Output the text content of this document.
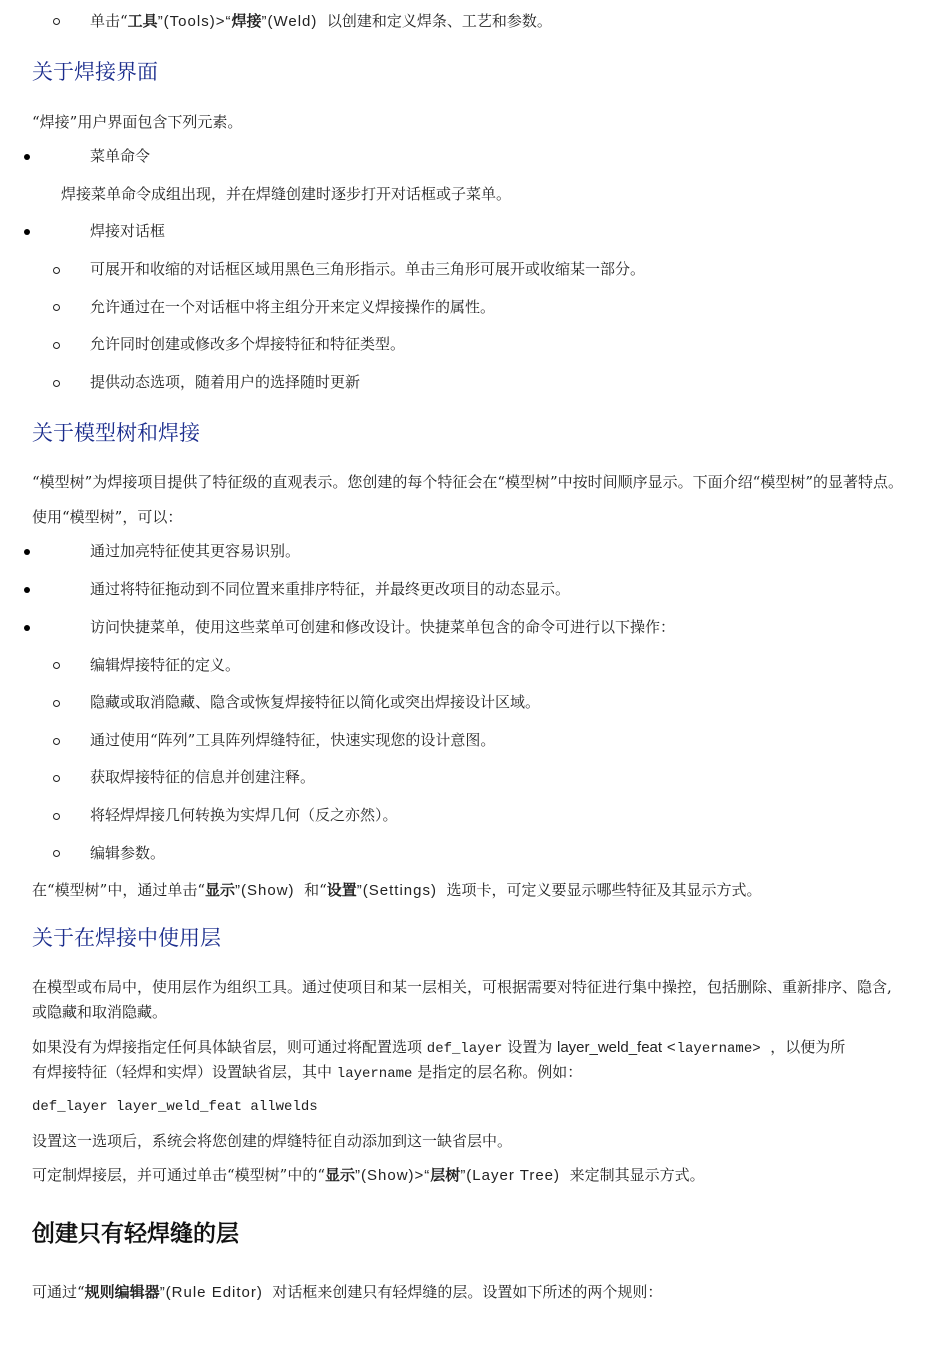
单击“工具”(Tools)>“焊接”(Weld) 以创建和定义焊条、工艺和参数。
关于焊接界面
“焊接”用户界面包含下列元素。
菜单命令
焊接菜单命令成组出现，并在焊缝创建时逐步打开对话框或子菜单。
焊接对话框
可展开和收缩的对话框区域用黑色三角形指示。单击三角形可展开或收缩某一部分。
允许通过在一个对话框中将主组分开来定义焊接操作的属性。
允许同时创建或修改多个焊接特征和特征类型。
提供动态选项，随着用户的选择随时更新
关于模型树和焊接
“模型树”为焊接项目提供了特征级的直观表示。您创建的每个特征会在“模型树”中按时间顺序显示。下面介绍“模型树”的显著特点。
使用“模型树”，可以：
通过加亮特征使其更容易识别。
通过将特征拖动到不同位置来重排序特征，并最终更改项目的动态显示。
访问快捷菜单，使用这些菜单可创建和修改设计。快捷菜单包含的命令可进行以下操作：
编辑焊接特征的定义。
隐藏或取消隐藏、隐含或恢复焊接特征以简化或突出焊接设计区域。
通过使用“阵列”工具阵列焊缝特征，快速实现您的设计意图。
获取焊接特征的信息并创建注释。
将轻焊焊接几何转换为实焊几何（反之亦然）。
编辑参数。
在“模型树”中，通过单击“显示”(Show) 和“设置”(Settings) 选项卡，可定义要显示哪些特征及其显示方式。
关于在焊接中使用层
在模型或布局中，使用层作为组织工具。通过使项目和某一层相关，可根据需要对特征进行集中操控，包括删除、重新排序、隐含,
或隐藏和取消隐藏。
如果没有为焊接指定任何具体缺省层，则可通过将配置选项 def_layer 设置为 layer_weld_feat <layername> ，以便为所
有焊接特征（轻焊和实焊）设置缺省层，其中 layername 是指定的层名称。例如：
def_layer layer_weld_feat allwelds
设置这一选项后，系统会将您创建的焊缝特征自动添加到这一缺省层中。
可定制焊接层，并可通过单击“模型树”中的“显示”(Show)>“层树”(Layer Tree) 来定制其显示方式。
创建只有轻焊缝的层
可通过“规则编辑器”(Rule Editor) 对话框来创建只有轻焊缝的层。设置如下所述的两个规则：
